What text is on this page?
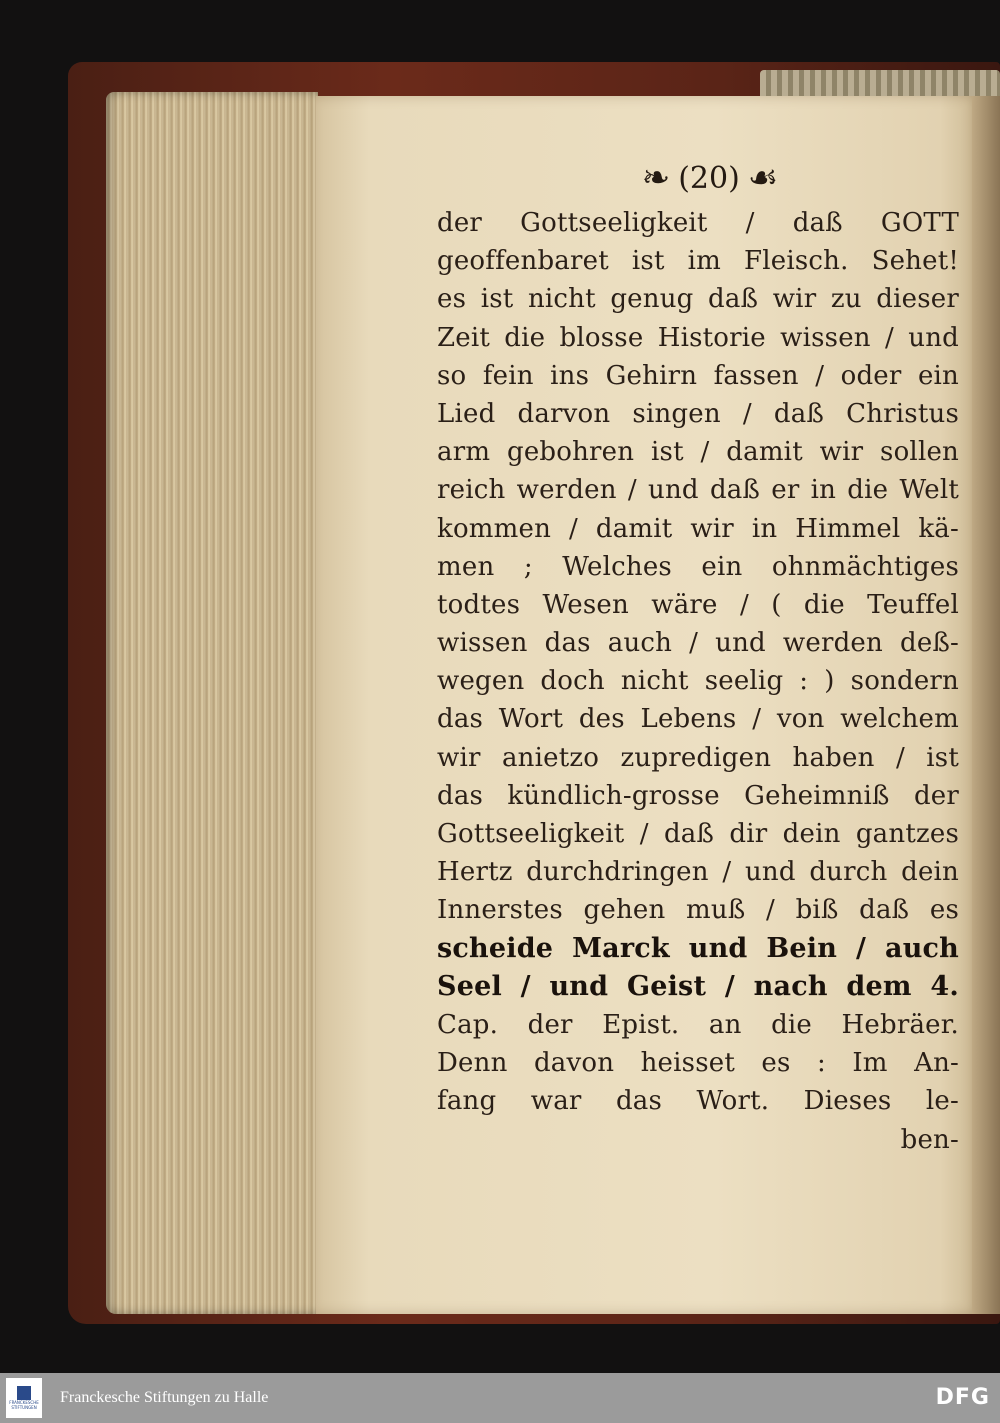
❧ (20) ☙
der Gottseeligkeit / daß GOTT
geoffenbaret ist im Fleisch. Sehet!
es ist nicht genug daß wir zu dieser
Zeit die blosse Historie wissen / und
so fein ins Gehirn fassen / oder ein
Lied darvon singen / daß Christus
arm gebohren ist / damit wir sollen
reich werden / und daß er in die Welt
kommen / damit wir in Himmel kä-
men ; Welches ein ohnmächtiges
todtes Wesen wäre / ( die Teuffel
wissen das auch / und werden deß-
wegen doch nicht seelig : ) sondern
das Wort des Lebens / von welchem
wir anietzo zupredigen haben / ist
das kündlich-grosse Geheimniß der
Gottseeligkeit / daß dir dein gantzes
Hertz durchdringen / und durch dein
Innerstes gehen muß / biß daß es
scheide Marck und Bein / auch
Seel / und Geist / nach dem 4.
Cap. der Epist. an die Hebräer.
Denn davon heisset es : Im An-
fang war das Wort. Dieses le-
ben-
FRANCKESCHE STIFTUNGEN
Franckesche Stiftungen zu Halle	DFG
